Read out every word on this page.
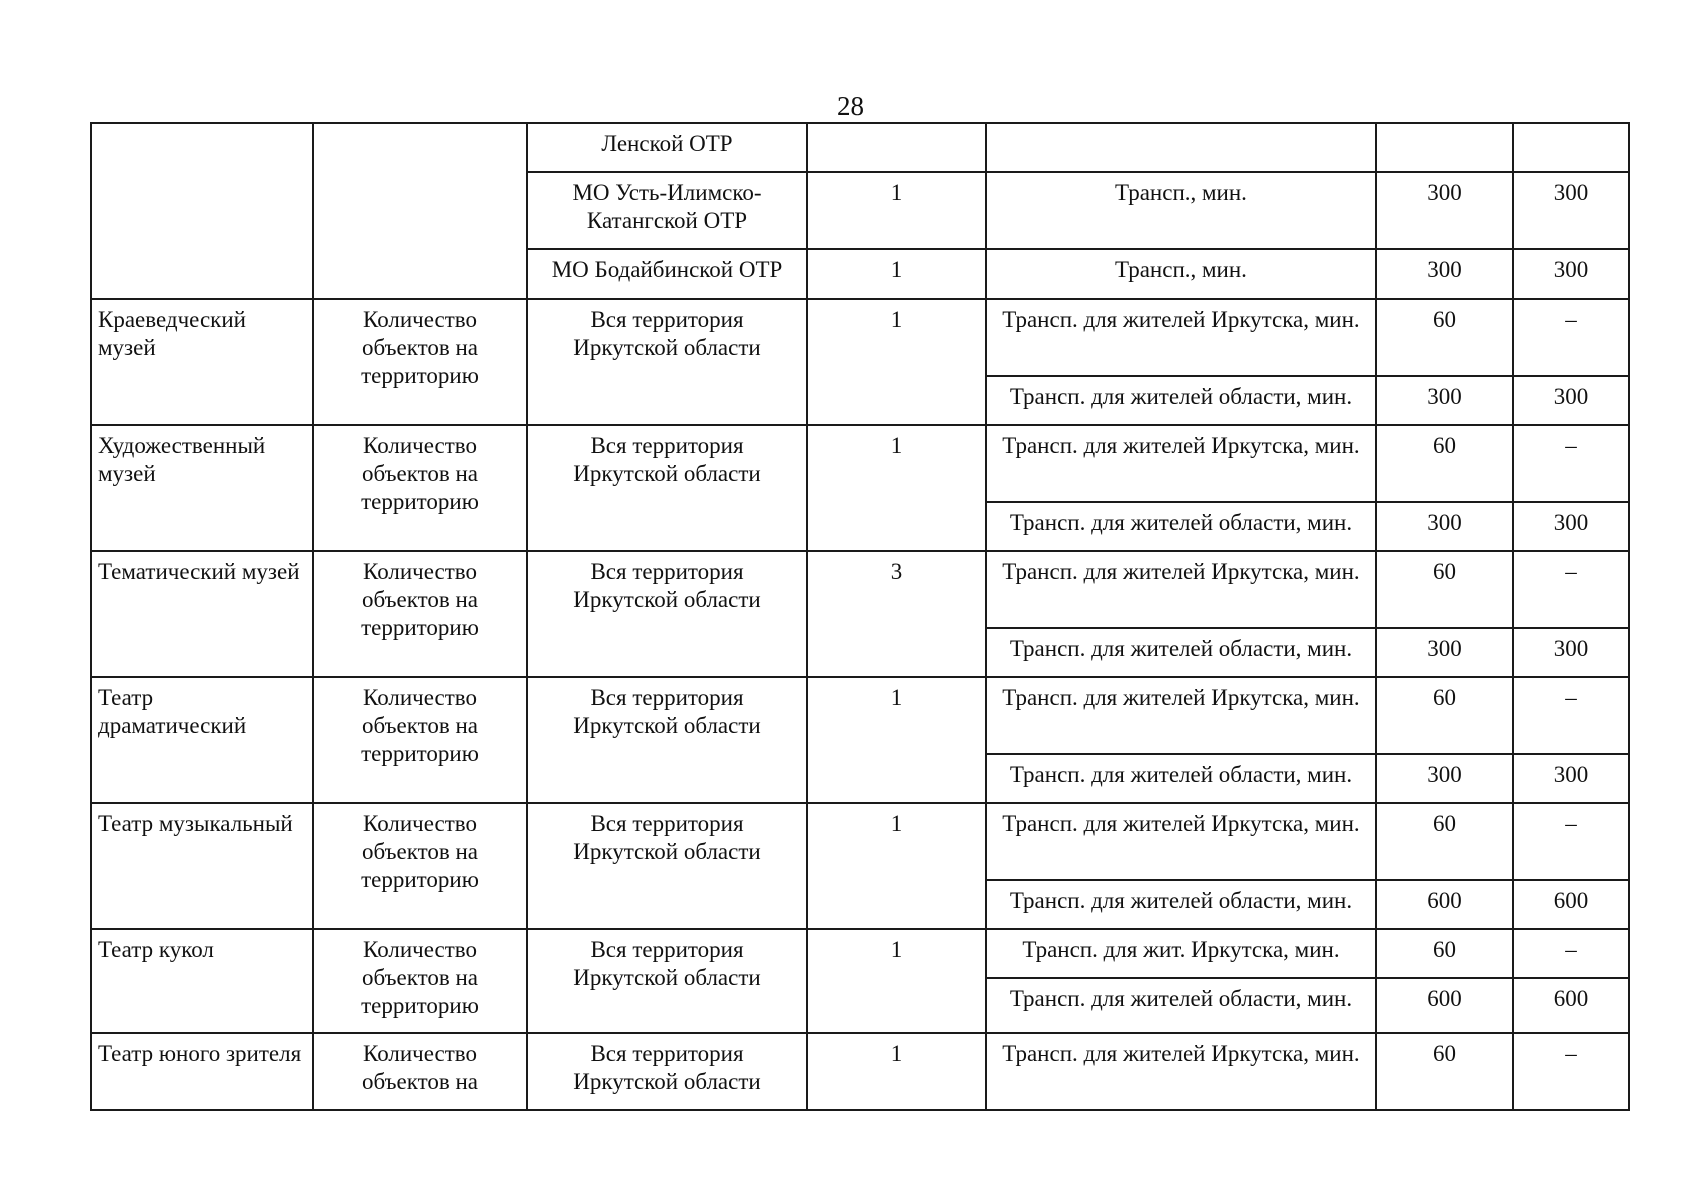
28
		Ленской ОТР				
		МО Усть-Илимско-Катангской ОТР	1	Трансп., мин.	300	300
		МО Бодайбинской ОТР	1	Трансп., мин.	300	300
Краеведческий музей	Количество объектов на территорию	Вся территория Иркутской области	1	Трансп. для жителей Иркутска, мин.	60	–
				Трансп. для жителей области, мин.	300	300
Художественный музей	Количество объектов на территорию	Вся территория Иркутской области	1	Трансп. для жителей Иркутска, мин.	60	–
				Трансп. для жителей области, мин.	300	300
Тематический музей	Количество объектов на территорию	Вся территория Иркутской области	3	Трансп. для жителей Иркутска, мин.	60	–
				Трансп. для жителей области, мин.	300	300
Театр драматический	Количество объектов на территорию	Вся территория Иркутской области	1	Трансп. для жителей Иркутска, мин.	60	–
				Трансп. для жителей области, мин.	300	300
Театр музыкальный	Количество объектов на территорию	Вся территория Иркутской области	1	Трансп. для жителей Иркутска, мин.	60	–
				Трансп. для жителей области, мин.	600	600
Театр кукол	Количество объектов на территорию	Вся территория Иркутской области	1	Трансп. для жит. Иркутска, мин.	60	–
				Трансп. для жителей области, мин.	600	600
Театр юного зрителя	Количество объектов на	Вся территория Иркутской области	1	Трансп. для жителей Иркутска, мин.	60	–
